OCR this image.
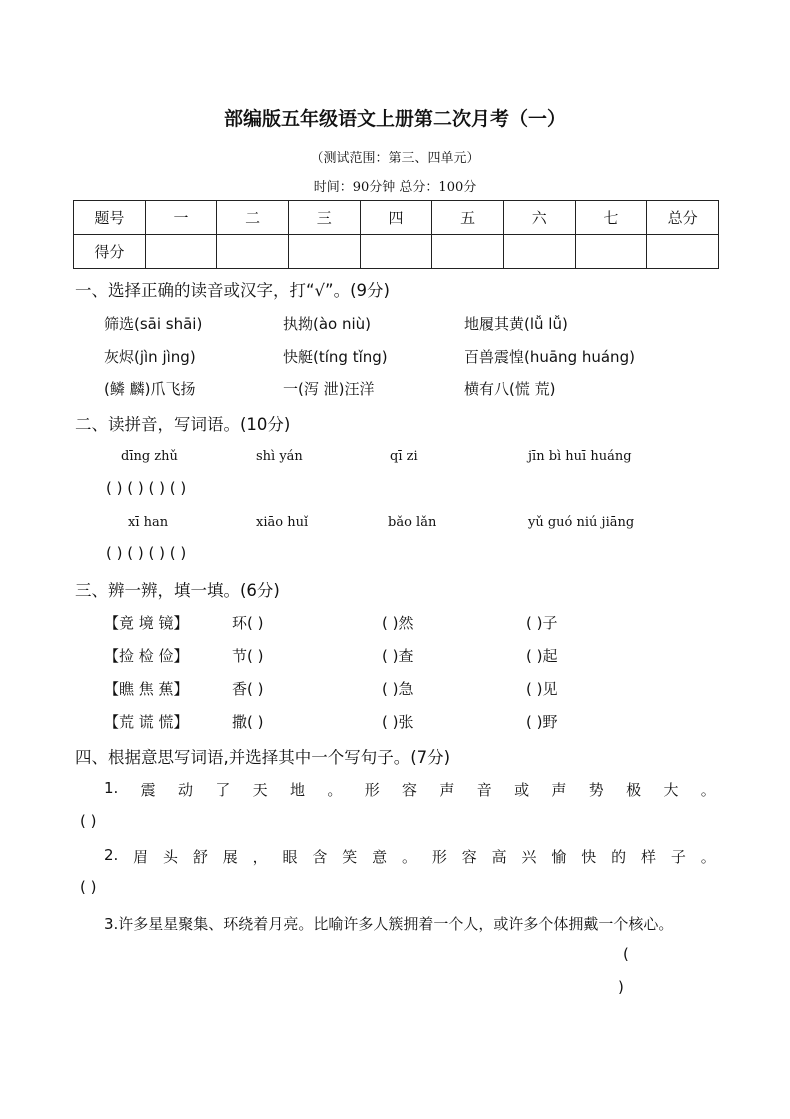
部编版五年级语文上册第二次月考（一）
（测试范围：第三、四单元）
时间：90分钟 总分：100分
题号	一	二	三	四	五	六	七	总分
得分								
一、选择正确的读音或汉字，打“√”。(9分)
筛选(sāi shāi)	执拗(ào niù)	地履其黄(lǚ lǚ)
灰烬(jìn jìng)	快艇(tíng tǐng)	百兽震惶(huāng huáng)
(鳞 麟)爪飞扬	一(泻 泄)汪洋	横有八(慌 荒)
二、读拼音，写词语。(10分)
dīng zhǔ	shì yán	qī zi	jīn bì huī huáng
( ) ( ) ( ) ( )
xī han	xiāo huǐ	bǎo lǎn	yǔ guó niú jiāng
( ) ( ) ( ) ( )
三、辨一辨，填一填。(6分)
【竟 境 镜】	环( )	( )然	( )子
【捡 检 俭】	节( )	( )查	( )起
【瞧 焦 蕉】	香( )	( )急	( )见
【荒 谎 慌】	撒( )	( )张	( )野
四、根据意思写词语,并选择其中一个写句子。(7分)
1. 震 动 了 天 地 。 形 容 声 音 或 声 势 极 大 。
( )
2. 眉 头 舒 展 ， 眼 含 笑 意 。 形 容 高 兴 愉 快 的 样 子 。
( )
3.许多星星聚集、环绕着月亮。比喻许多人簇拥着一个人，或许多个体拥戴一个核心。
(
)
